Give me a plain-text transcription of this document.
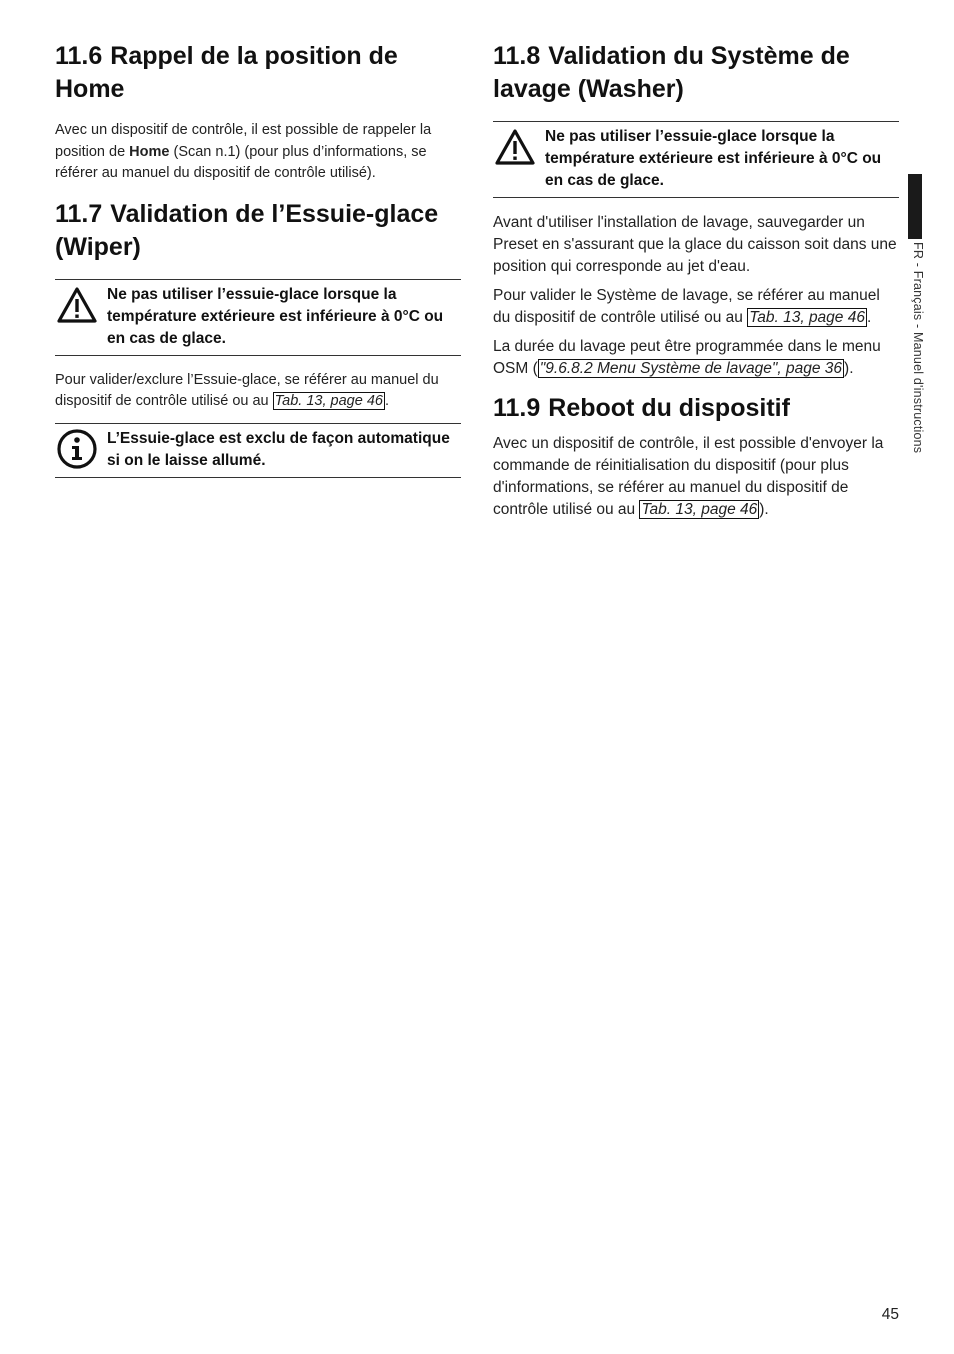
11.6 Rappel de la position de Home

Avec un dispositif de contrôle, il est possible de rappeler la position de Home (Scan n.1) (pour plus d’informations, se référer au manuel du dispositif de contrôle utilisé).

11.7 Validation de l’Essuie-glace (Wiper)
Ne pas utiliser l’essuie-glace lorsque la température extérieure est inférieure à 0°C ou en cas de glace.

Pour valider/exclure l’Essuie-glace, se référer au manuel du dispositif de contrôle utilisé ou au Tab. 13, page 46 .

L’Essuie-glace est exclu de façon automatique si on le laisse allumé.
11.8 Validation du Système de lavage (Washer)
Ne pas utiliser l’essuie-glace lorsque la température extérieure est inférieure à 0°C ou en cas de glace.

Avant d'utiliser l'installation de lavage, sauvegarder un Preset en s'assurant que la glace du caisson soit dans une position qui corresponde au jet d'eau.

Pour valider le Système de lavage, se référer au manuel du dispositif de contrôle utilisé ou au Tab. 13, page 46 .

La durée du lavage peut être programmée dans le menu OSM ( "9.6.8.2 Menu Système de lavage", page 36 ).

11.9 Reboot du dispositif

Avec un dispositif de contrôle, il est possible d'envoyer la commande de réinitialisation du dispositif (pour plus d'informations, se référer au manuel du dispositif de contrôle utilisé ou au Tab. 13, page 46 ).

FR - Français - Manuel d'instructions
45
